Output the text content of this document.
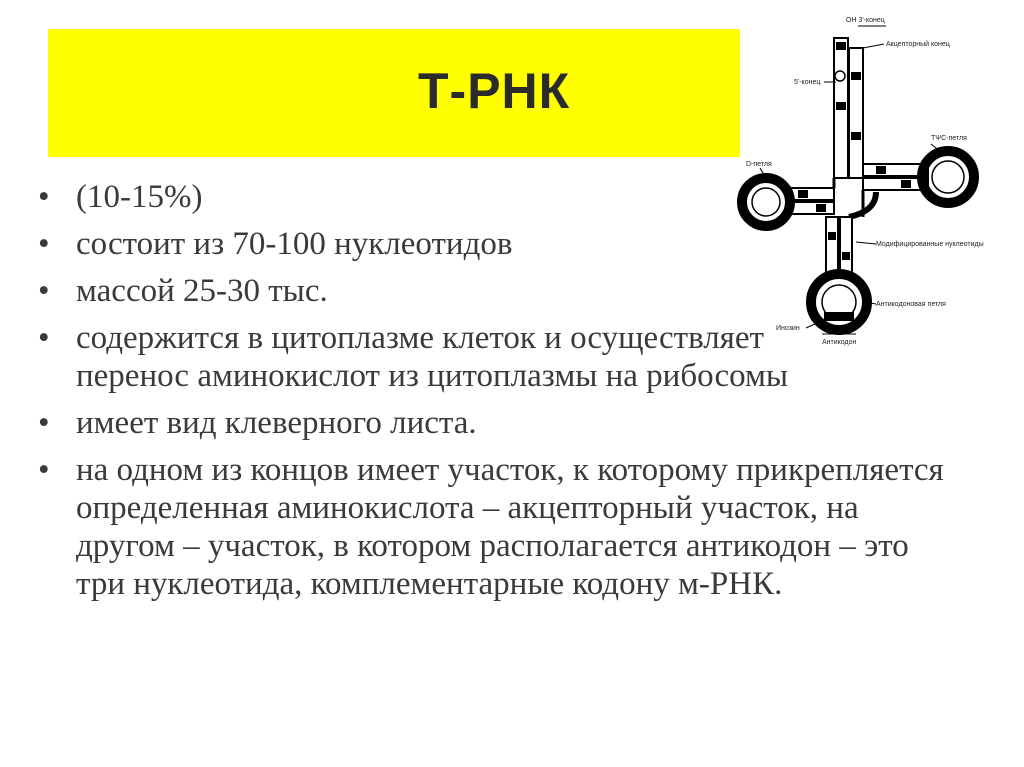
Т-РНК
• (10-15%)
• состоит из 70-100 нуклеотидов
• массой 25-30 тыс.
• содержится в цитоплазме клеток и осуществляет перенос аминокислот из цитоплазмы на рибосомы
• имеет вид клеверного листа.
• на одном из концов имеет участок, к которому прикрепляется определенная аминокислота – акцепторный участок, на другом – участок, в котором располагается антикодон – это три нуклеотида, комплементарные кодону м-РНК.
ОН 3'-конец
Акцепторный конец
5'-конец
ТΨС-петля
D-петля
Модифицированные нуклеотиды
Антикодоновая петля
Инозин
Антикодон
